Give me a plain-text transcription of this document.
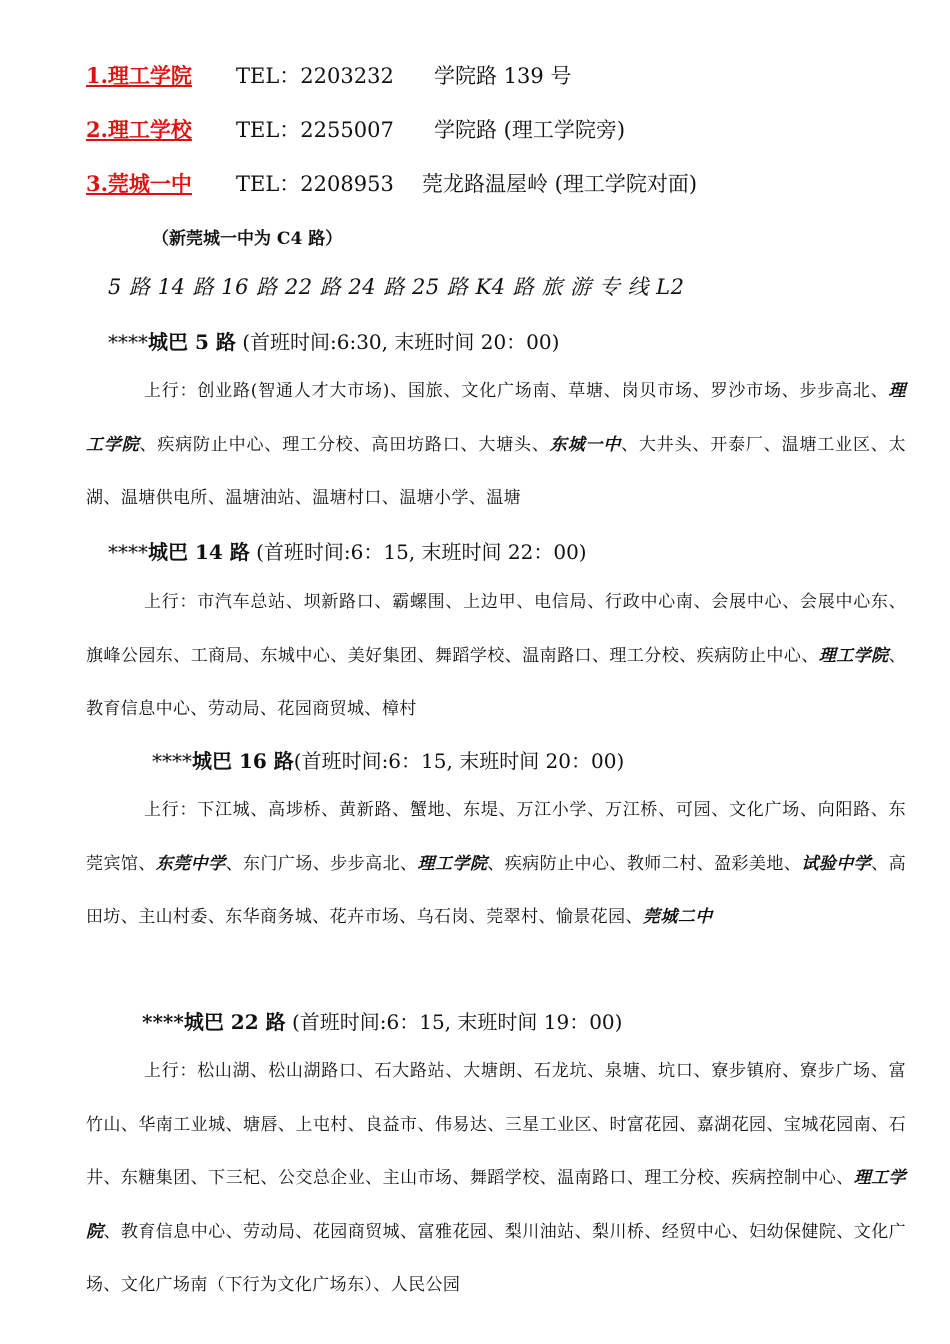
1.理工学院 TEL：2203232 学院路 139 号
2.理工学校 TEL：2255007 学院路 (理工学院旁)
3.莞城一中 TEL：2208953 莞龙路温屋岭 (理工学院对面)
（新莞城一中为 C4 路）
5 路 14 路 16 路 22 路 24 路 25 路 K4 路 旅 游 专 线 L2
****城巴 5 路 (首班时间:6:30, 末班时间 20：00)
上行：创业路(智通人才大市场)、国旅、文化广场南、草塘、岗贝市场、罗沙市场、步步高北、理工学院、疾病防止中心、理工分校、高田坊路口、大塘头、东城一中、大井头、开泰厂、温塘工业区、太湖、温塘供电所、温塘油站、温塘村口、温塘小学、温塘
****城巴 14 路 (首班时间:6：15, 末班时间 22：00)
上行：市汽车总站、坝新路口、霸螺围、上边甲、电信局、行政中心南、会展中心、会展中心东、旗峰公园东、工商局、东城中心、美好集团、舞蹈学校、温南路口、理工分校、疾病防止中心、理工学院、教育信息中心、劳动局、花园商贸城、樟村
****城巴 16 路(首班时间:6：15, 末班时间 20：00)
上行：下江城、高埗桥、黄新路、蟹地、东堤、万江小学、万江桥、可园、文化广场、向阳路、东莞宾馆、东莞中学、东门广场、步步高北、理工学院、疾病防止中心、教师二村、盈彩美地、试验中学、高田坊、主山村委、东华商务城、花卉市场、乌石岗、莞翠村、愉景花园、莞城二中
****城巴 22 路 (首班时间:6：15, 末班时间 19：00)
上行：松山湖、松山湖路口、石大路站、大塘朗、石龙坑、泉塘、坑口、寮步镇府、寮步广场、富竹山、华南工业城、塘唇、上屯村、良益市、伟易达、三星工业区、时富花园、嘉湖花园、宝城花园南、石井、东糖集团、下三杞、公交总企业、主山市场、舞蹈学校、温南路口、理工分校、疾病控制中心、理工学院、教育信息中心、劳动局、花园商贸城、富雅花园、梨川油站、梨川桥、经贸中心、妇幼保健院、文化广场、文化广场南（下行为文化广场东）、人民公园
